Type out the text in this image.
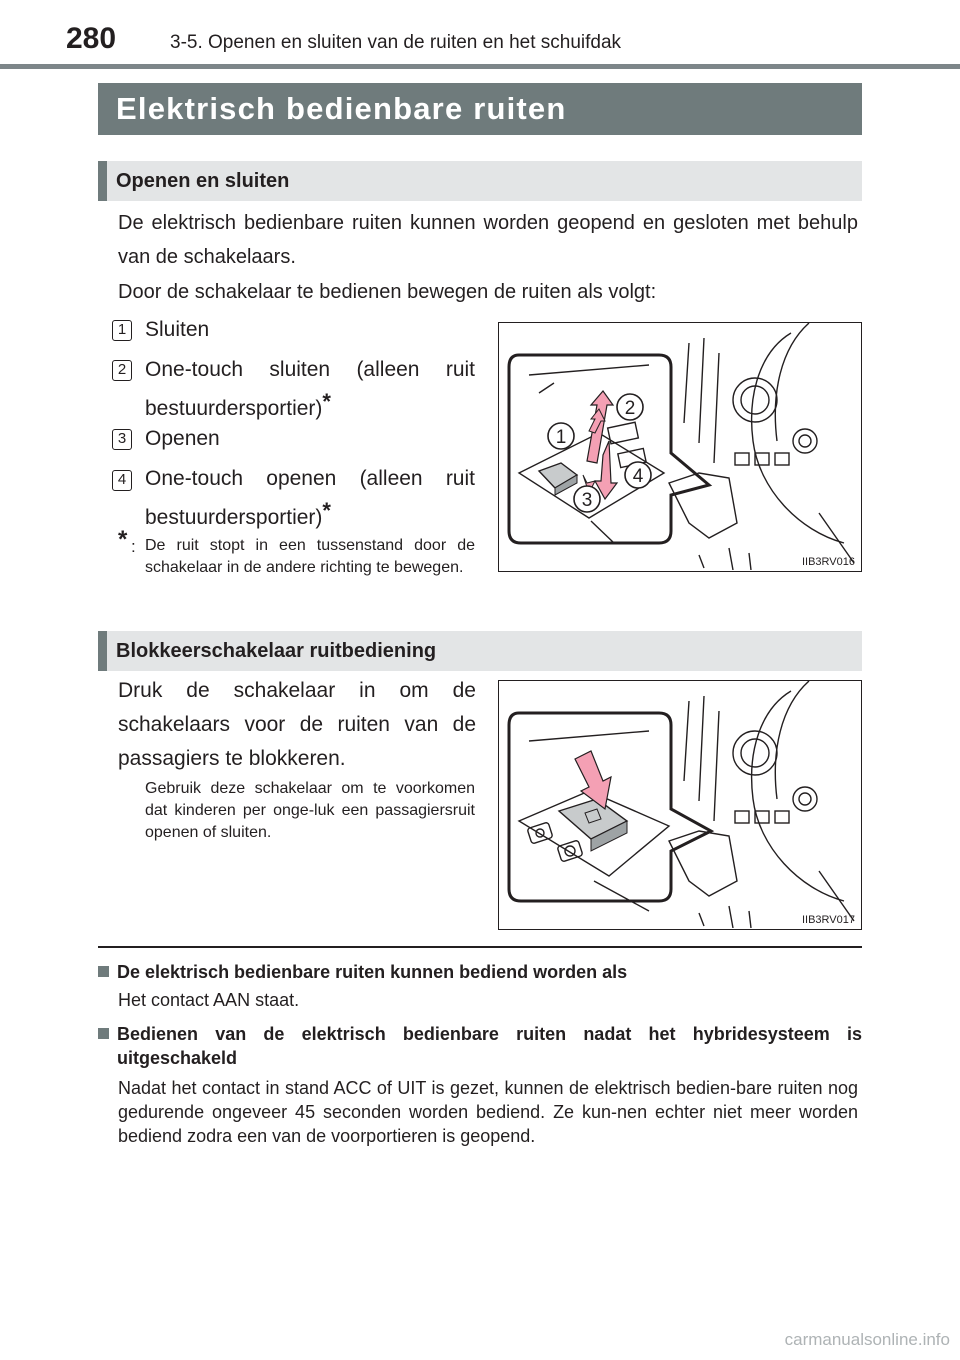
280	3-5. Openen en sluiten van de ruiten en het schuifdak
Elektrisch bedienbare ruiten
Openen en sluiten
De elektrisch bedienbare ruiten kunnen worden geopend en gesloten met behulp van de schakelaars.
Door de schakelaar te bedienen bewegen de ruiten als volgt:
1 Sluiten
2 One-touch sluiten (alleen ruit bestuurdersportier)*
3 Openen
4 One-touch openen (alleen ruit bestuurdersportier)*
* : De ruit stopt in een tussenstand door de schakelaar in de andere richting te bewegen.
1
2
3
4
IIB3RV016
Blokkeerschakelaar ruitbediening
Druk de schakelaar in om de schakelaars voor de ruiten van de passagiers te blokkeren.
Gebruik deze schakelaar om te voorkomen dat kinderen per onge-luk een passagiersruit openen of sluiten.
IIB3RV017
De elektrisch bedienbare ruiten kunnen bediend worden als
Het contact AAN staat.
Bedienen van de elektrisch bedienbare ruiten nadat het hybridesysteem is uitgeschakeld
Nadat het contact in stand ACC of UIT is gezet, kunnen de elektrisch bedien-bare ruiten nog gedurende ongeveer 45 seconden worden bediend. Ze kun-nen echter niet meer worden bediend zodra een van de voorportieren is geopend.
carmanualsonline.info
